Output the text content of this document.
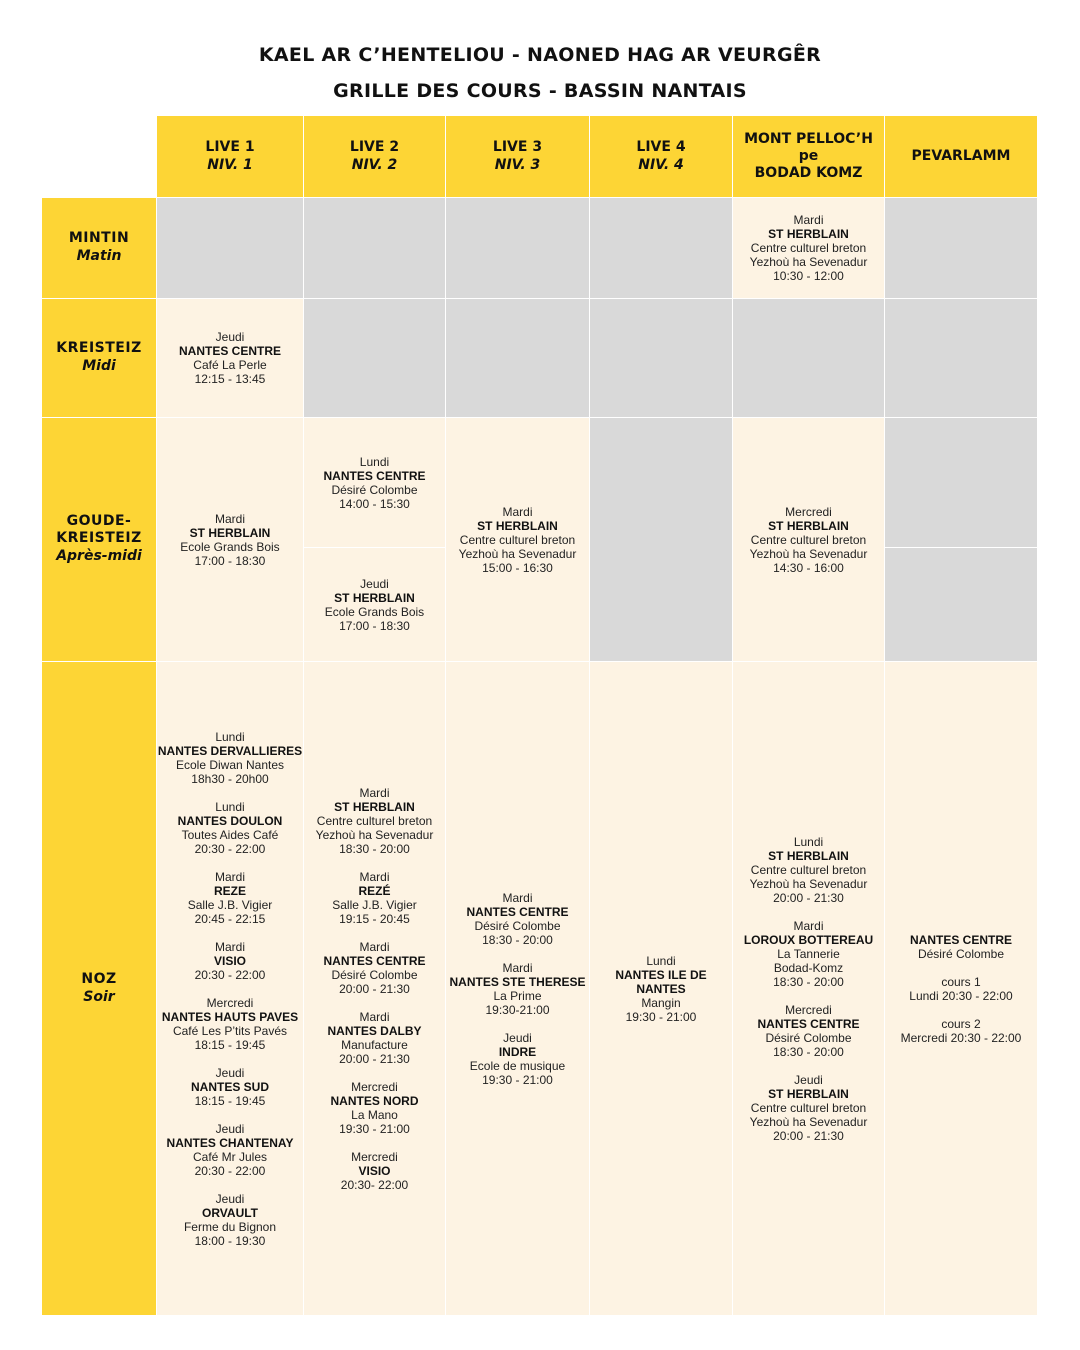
KAEL AR C’HENTELIOU - NAONED HAG AR VEURGÊR
GRILLE DES COURS - BASSIN NANTAIS
LIVE 1
NIV. 1
LIVE 2
NIV. 2
LIVE 3
NIV. 3
LIVE 4
NIV. 4
MONT PELLOC’H
pe
BODAD KOMZ
PEVARLAMM
MINTIN
Matin
KREISTEIZ
Midi
GOUDE-
KREISTEIZ
Après-midi
NOZ
Soir
Mardi
ST HERBLAIN
Centre culturel breton
Yezhoù ha Sevenadur
10:30 - 12:00
Jeudi
NANTES CENTRE
Café La Perle
12:15 - 13:45
Mardi
ST HERBLAIN
Ecole Grands Bois
17:00 - 18:30
Lundi
NANTES CENTRE
Désiré Colombe
14:00 - 15:30
Jeudi
ST HERBLAIN
Ecole Grands Bois
17:00 - 18:30
Mardi
ST HERBLAIN
Centre culturel breton
Yezhoù ha Sevenadur
15:00 - 16:30
Mercredi
ST HERBLAIN
Centre culturel breton
Yezhoù ha Sevenadur
14:30 - 16:00
Lundi
NANTES DERVALLIERES
Ecole Diwan Nantes
18h30 - 20h00
Lundi
NANTES DOULON
Toutes Aides Café
20:30 - 22:00
Mardi
REZE
Salle J.B. Vigier
20:45 - 22:15
Mardi
VISIO
20:30 - 22:00
Mercredi
NANTES HAUTS PAVES
Café Les P’tits Pavés
18:15 - 19:45
Jeudi
NANTES SUD
18:15 - 19:45
Jeudi
NANTES CHANTENAY
Café Mr Jules
20:30 - 22:00
Jeudi
ORVAULT
Ferme du Bignon
18:00 - 19:30
Mardi
ST HERBLAIN
Centre culturel breton
Yezhoù ha Sevenadur
18:30 - 20:00
Mardi
REZÉ
Salle J.B. Vigier
19:15 - 20:45
Mardi
NANTES CENTRE
Désiré Colombe
20:00 - 21:30
Mardi
NANTES DALBY
Manufacture
20:00 - 21:30
Mercredi
NANTES NORD
La Mano
19:30 - 21:00
Mercredi
VISIO
20:30- 22:00
Mardi
NANTES CENTRE
Désiré Colombe
18:30 - 20:00
Mardi
NANTES STE THERESE
La Prime
19:30-21:00
Jeudi
INDRE
Ecole de musique
19:30 - 21:00
Lundi
NANTES ILE DE NANTES
Mangin
19:30 - 21:00
Lundi
ST HERBLAIN
Centre culturel breton
Yezhoù ha Sevenadur
20:00 - 21:30
Mardi
LOROUX BOTTEREAU
La Tannerie
Bodad-Komz
18:30 - 20:00
Mercredi
NANTES CENTRE
Désiré Colombe
18:30 - 20:00
Jeudi
ST HERBLAIN
Centre culturel breton
Yezhoù ha Sevenadur
20:00 - 21:30
NANTES CENTRE
Désiré Colombe
cours 1
Lundi 20:30 - 22:00
cours 2
Mercredi 20:30 - 22:00
